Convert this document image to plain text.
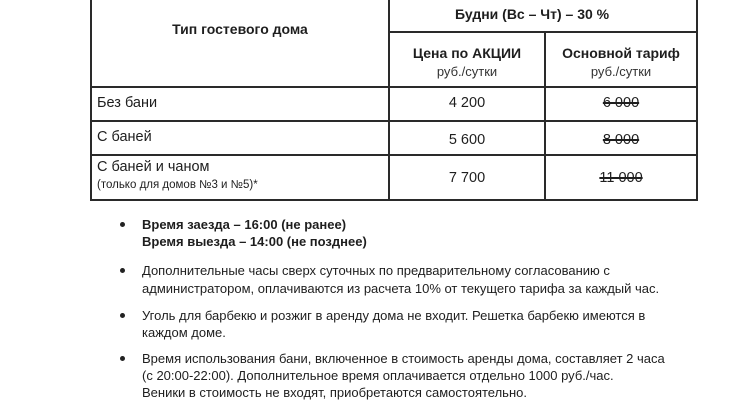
Тип гостевого дома
Будни (Вс – Чт) – 30 %
Цена по АКЦИИ
руб./сутки
Основной тариф
руб./сутки
Без бани	4 200	6 000
С баней	5 600	8 000
С баней и чаном
(только для домов №3 и №5)*	7 700	11 000
Время заезда – 16:00 (не ранее)
Время выезда – 14:00 (не позднее)
Дополнительные часы сверх суточных по предварительному согласованию с
администратором, оплачиваются из расчета 10% от текущего тарифа за каждый час.
Уголь для барбекю и розжиг в аренду дома не входит. Решетка барбекю имеются в
каждом доме.
Время использования бани, включенное в стоимость аренды дома, составляет 2 часа
(с 20:00-22:00). Дополнительное время оплачивается отдельно 1000 руб./час.
Веники в стоимость не входят, приобретаются самостоятельно.
